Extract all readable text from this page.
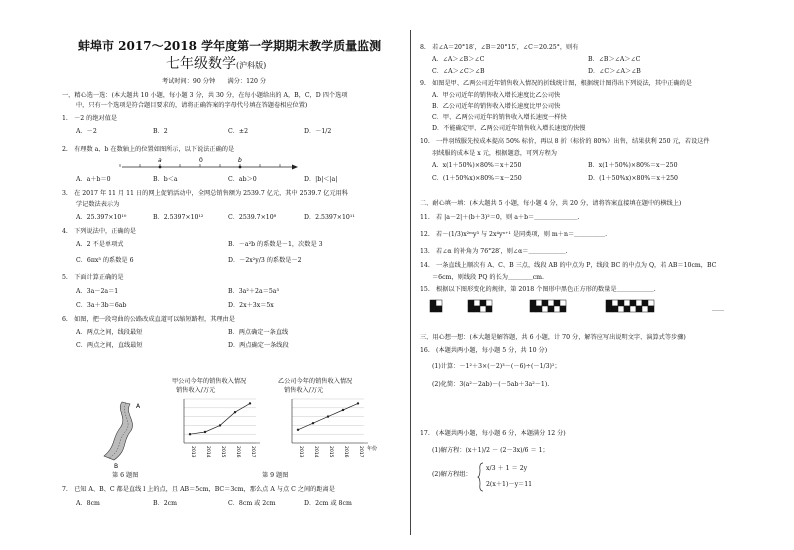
蚌埠市 2017～2018 学年度第一学期期末教学质量监测
七年级数学(沪科版)
考试时间：90 分钟　　满分：120 分
一、精心选一选：(本大题共 10 小题，每小题 3 分，共 30 分，在每小题给出的 A，B，C，D 四个选项
中，只有一个选项是符合题目要求的，请将正确答案的字母代号填在答题卷相应位置)
1.　－2 的绝对值是
A．－2	B．2	C．±2	D．－1/2
2.　有理数 a、b 在数轴上的位置如图所示，以下说法正确的是
a	0	b
A．a＋b＝0	B．b＜a	C．ab＞0	D．|b|＜|a|
3.　在 2017 年 11 月 11 日的网上促销活动中，全网总销售额为 2539.7 亿元，其中 2539.7 亿元用科
学记数法表示为
A．25.397×10¹⁰	B．2.5397×10¹²	C．2539.7×10⁸	D．2.5397×10¹¹
4.　下列说法中，正确的是
A．2 不是单项式	B．－a²b 的系数是－1，次数是 3
C．6πx³ 的系数是 6	D．－2x²y/3 的系数是－2
5.　下面计算正确的是
A．3a－2a＝1	B．3a²＋2a＝5a³
C．3a＋3b＝6ab	D．2x＋3x＝5x
6.　如图，把一段弯曲的公路改成直道可以缩短路程，其理由是
A．两点之间，线段最短	B．两点确定一条直线
C．两点之间，直线最短	D．两点确定一条线段
A
B
第 6 题图
甲公司今年的销售收入情况
销售收入/万元
2013 2014 2015 2016 2017
乙公司今年的销售收入情况
销售收入/万元
2013 2014 2015 2016 2017 年份
第 9 题图
7.　已知 A、B、C 都是直线 l 上的点，且 AB＝5cm，BC＝3cm，那么点 A 与点 C 之间的距离是
A．8cm	B．2cm	C．8cm 或 2cm	D．2cm 或 8cm
8.　若∠A＝20°18′，∠B＝20°15′，∠C＝20.25°，则有
A．∠A＞∠B＞∠C	B．∠B＞∠A＞∠C
C．∠A＞∠C＞∠B	D．∠C＞∠A＞∠B
9.　如图是甲、乙两公司近年销售收入情况的折线统计图，根据统计图得出下列说法，其中正确的是
A．甲公司近年的销售收入增长速度比乙公司快
B．乙公司近年的销售收入增长速度比甲公司快
C．甲、乙两公司近年的销售收入增长速度一样快
D．不能确定甲、乙两公司近年销售收入增长速度的快慢
10.　一件羽绒服先按成本提高 50% 标价，再以 8 折（标价的 80%）出售，结果获利 250 元，若设这件
羽绒服的成本是 x 元，根据题意，可列方程为
A．x(1＋50%)×80%＝x＋250	B．x(1＋50%)×80%＝x－250
C．(1＋50%x)×80%＝x－250	D．(1＋50%x)×80%＝x＋250
二、耐心填一填：(本大题共 5 小题，每小题 4 分，共 20 分，请将答案直接填在题中的横线上)
11.　若 |a－2|＋(b＋3)²＝0，则 a＋b＝＿＿＿＿＿＿＿.
12.　若－(1/3)x²ᵐy³ 与 2x⁴yⁿ⁺¹ 是同类项，则 m＋n＝＿＿＿＿＿.
13.　若∠α 的补角为 76°28′，则∠α＝＿＿＿＿＿＿.
14.　一条直线上顺次有 A、C、B 三点，线段 AB 的中点为 P，线段 BC 的中点为 Q，若 AB＝10cm，BC
＝6cm，则线段 PQ 的长为＿＿＿＿cm.
15.　根据以下图形变化的规律，第 2018 个图形中黑色正方形的数量是＿＿＿＿＿＿.
……
三、用心想一想：(本大题是解答题，共 6 小题，计 70 分，解答应写出说明文字、演算式等步骤)
16.　(本题共两小题，每小题 5 分，共 10 分)
(1)计算：－1²＋3×(－2)³－(－6)÷(－1/3)²；
(2)化简：3(a²－2ab)－(－5ab＋3a²－1).
17.　(本题共两小题，每小题 6 分，本题满分 12 分)
(1)解方程：(x＋1)/2 － (2－3x)/6 ＝ 1；
(2)解方程组：
x/3 ＋ 1 ＝ 2y
2(x＋1)－y＝11
